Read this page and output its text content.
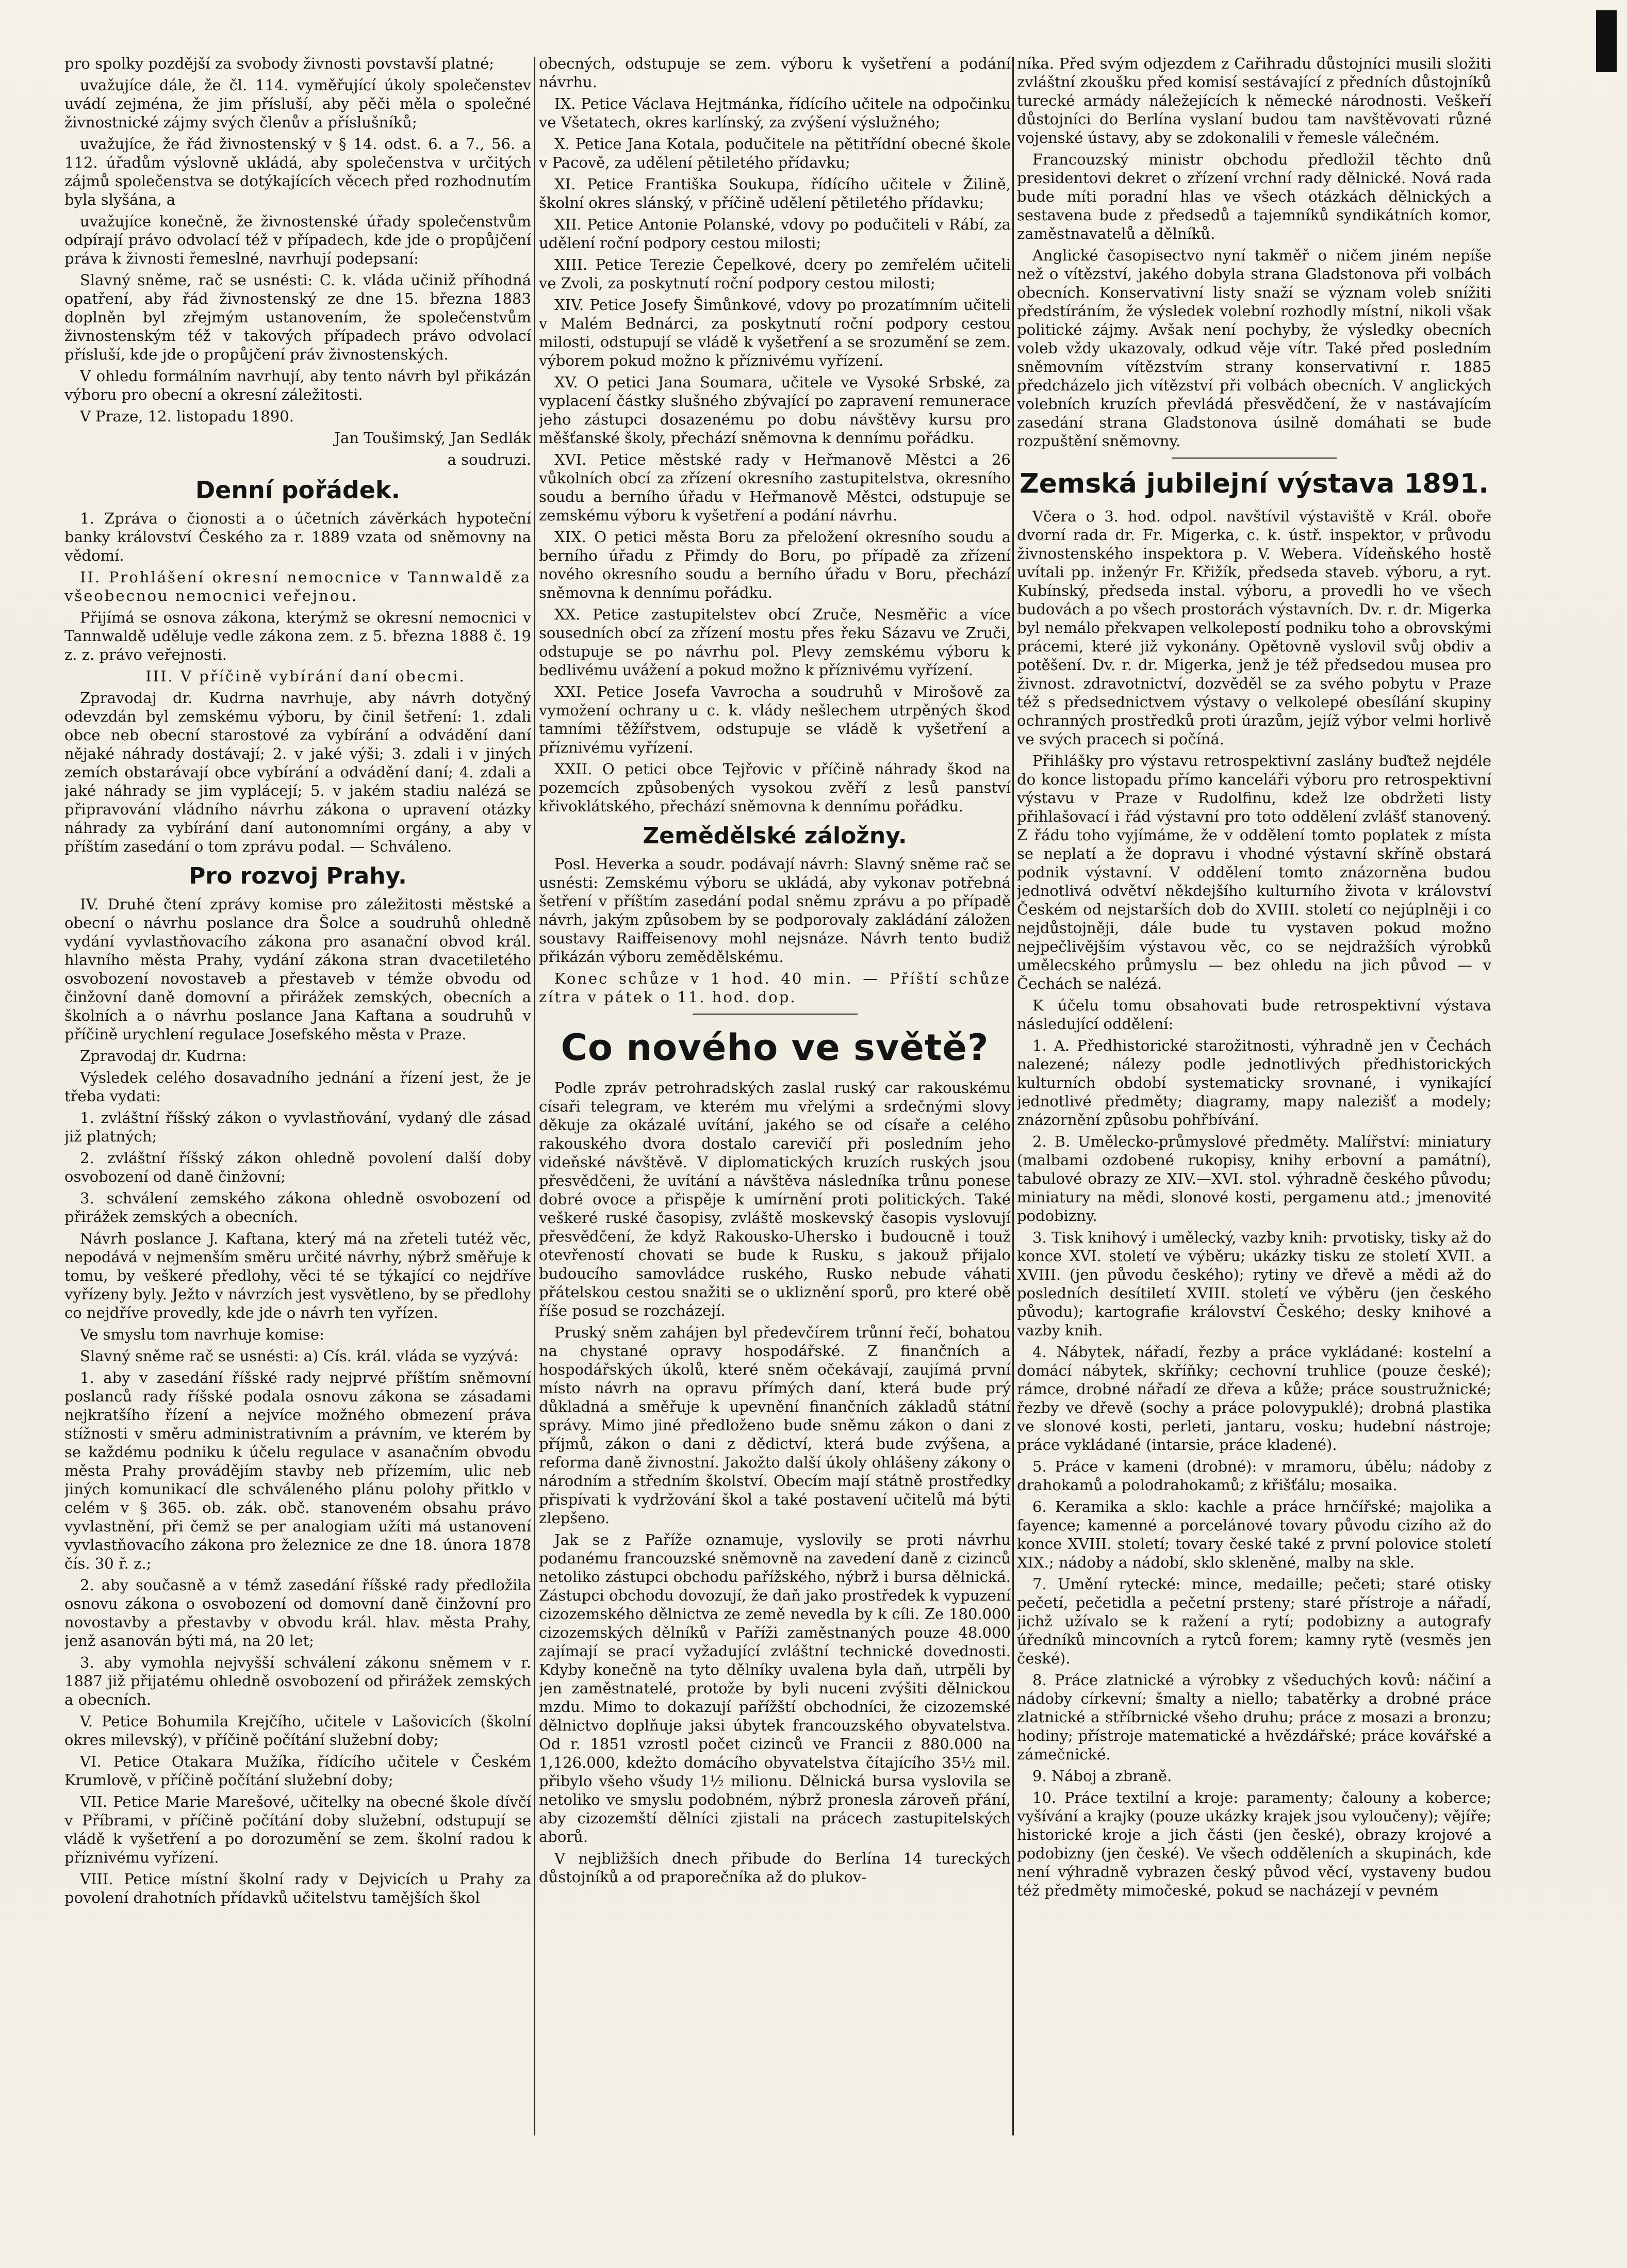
pro spolky pozdější za svobody živnosti povstavší platné;

uvažujíce dále, že čl. 114. vyměřující úkoly společenstev uvádí zejména, že jim přísluší, aby pěči měla o společné živnostnické zájmy svých členův a příslušníků;

uvažujíce, že řád živnostenský v § 14. odst. 6. a 7., 56. a 112. úřadům výslovně ukládá, aby společenstva v určitých zájmů společenstva se dotýkajících věcech před rozhodnutím byla slyšána, a

uvažujíce konečně, že živnostenské úřady společenstvům odpírají právo odvolací též v případech, kde jde o propůjčení práva k živnosti řemeslné, navrhují podepsaní:

Slavný sněme, rač se usnésti: C. k. vláda učiniž příhodná opatření, aby řád živnostenský ze dne 15. března 1883 doplněn byl zřejmým ustanovením, že společenstvům živnostenským též v takových případech právo odvolací přísluší, kde jde o propůjčení práv živnostenských.

V ohledu formálním navrhují, aby tento návrh byl přikázán výboru pro obecní a okresní záležitosti.

V Praze, 12. listopadu 1890.

Jan Toušimský, Jan Sedlák

a soudruzi.

Denní pořádek.

1. Zpráva o čionosti a o účetních závěrkách hypoteční banky království Českého za r. 1889 vzata od sněmovny na vědomí.

II. Prohlášení okresní nemocnice v Tannwaldě za všeobecnou nemocnici veřejnou.

Přijímá se osnova zákona, kterýmž se okresní nemocnici v Tannwaldě uděluje vedle zákona zem. z 5. března 1888 č. 19 z. z. právo veřejnosti.

III. V příčině vybírání daní obecmi.

Zpravodaj dr. Kudrna navrhuje, aby návrh dotyčný odevzdán byl zemskému výboru, by činil šetření: 1. zdali obce neb obecní starostové za vybírání a odvádění daní nějaké náhrady dostávají; 2. v jaké výši; 3. zdali i v jiných zemích obstarávají obce vybírání a odvádění daní; 4. zdali a jaké náhrady se jim vyplácejí; 5. v jakém stadiu nalézá se připravování vládního návrhu zákona o upravení otázky náhrady za vybírání daní autonomními orgány, a aby v příštím zasedání o tom zprávu podal. — Schváleno.

Pro rozvoj Prahy.

IV. Druhé čtení zprávy komise pro záležitosti městské a obecní o návrhu poslance dra Šolce a soudruhů ohledně vydání vyvlastňovacího zákona pro asanační obvod král. hlavního města Prahy, vydání zákona stran dvacetiletého osvobození novostaveb a přestaveb v témže obvodu od činžovní daně domovní a přirážek zemských, obecních a školních a o návrhu poslance Jana Kaftana a soudruhů v příčině urychlení regulace Josefského města v Praze.

Zpravodaj dr. Kudrna:

Výsledek celého dosavadního jednání a řízení jest, že je třeba vydati:

1. zvláštní říšský zákon o vyvlastňování, vydaný dle zásad již platných;

2. zvláštní říšský zákon ohledně povolení další doby osvobození od daně činžovní;

3. schválení zemského zákona ohledně osvobození od přirážek zemských a obecních.

Návrh poslance J. Kaftana, který má na zřeteli tutéž věc, nepodává v nejmenším směru určité návrhy, nýbrž směřuje k tomu, by veškeré předlohy, věci té se týkající co nejdříve vyřízeny byly. Ježto v návrzích jest vysvětleno, by se předlohy co nejdříve provedly, kde jde o návrh ten vyřízen.

Ve smyslu tom navrhuje komise:

Slavný sněme rač se usnésti: a) Cís. král. vláda se vyzývá:

1. aby v zasedání říšské rady nejprvé příštím sněmovní poslanců rady říšské podala osnovu zákona se zásadami nejkratšího řízení a nejvíce možného obmezení práva stížnosti v směru administrativním a právním, ve kterém by se každému podniku k účelu regulace v asanačním obvodu města Prahy provádějím stavby neb přízemím, ulic neb jiných komunikací dle schváleného plánu polohy přitklo v celém v § 365. ob. zák. obč. stanoveném obsahu právo vyvlastnění, při čemž se per analogiam užíti má ustanovení vyvlastňovacího zákona pro železnice ze dne 18. února 1878 čís. 30 ř. z.;

2. aby současně a v témž zasedání říšské rady předložila osnovu zákona o osvobození od domovní daně činžovní pro novostavby a přestavby v obvodu král. hlav. města Prahy, jenž asanován býti má, na 20 let;

3. aby vymohla nejvyšší schválení zákonu sněmem v r. 1887 již přijatému ohledně osvobození od přirážek zemských a obecních.

V. Petice Bohumila Krejčího, učitele v Lašovicích (školní okres milevský), v příčině počítání služební doby;

VI. Petice Otakara Mužíka, řídícího učitele v Českém Krumlově, v příčině počítání služební doby;

VII. Petice Marie Marešové, učitelky na obecné škole dívčí v Příbrami, v příčině počítání doby služební, odstupují se vládě k vyšetření a po dorozumění se zem. školní radou k příznivému vyřízení.

VIII. Petice místní školní rady v Dejvicích u Prahy za povolení drahotních přídavků učitelstvu tamějších škol

obecných, odstupuje se zem. výboru k vyšetření a podání návrhu.

IX. Petice Václava Hejtmánka, řídícího učitele na odpočinku ve Všetatech, okres karlínský, za zvýšení výslužného;

X. Petice Jana Kotala, podučitele na pětitřídní obecné škole v Pacově, za udělení pětiletého přídavku;

XI. Petice Františka Soukupa, řídícího učitele v Žilině, školní okres slánský, v příčině udělení pětiletého přídavku;

XII. Petice Antonie Polanské, vdovy po podučiteli v Rábí, za udělení roční podpory cestou milosti;

XIII. Petice Terezie Čepelkové, dcery po zemřelém učiteli ve Zvoli, za poskytnutí roční podpory cestou milosti;

XIV. Petice Josefy Šimůnkové, vdovy po prozatímním učiteli v Malém Bednárci, za poskytnutí roční podpory cestou milosti, odstupují se vládě k vyšetření a se srozumění se zem. výborem pokud možno k příznivému vyřízení.

XV. O petici Jana Soumara, učitele ve Vysoké Srbské, za vyplacení částky slušného zbývající po zapravení remunerace jeho zástupci dosazenému po dobu návštěvy kursu pro měšťanské školy, přechází sněmovna k dennímu pořádku.

XVI. Petice městské rady v Heřmanově Městci a 26 vůkolních obcí za zřízení okresního zastupitelstva, okresního soudu a berního úřadu v Heřmanově Městci, odstupuje se zemskému výboru k vyšetření a podání návrhu.

XIX. O petici města Boru za přeložení okresního soudu a berního úřadu z Přimdy do Boru, po případě za zřízení nového okresního soudu a berního úřadu v Boru, přechází sněmovna k dennímu pořádku.

XX. Petice zastupitelstev obcí Zruče, Nesměřic a více sousedních obcí za zřízení mostu přes řeku Sázavu ve Zruči, odstupuje se po návrhu pol. Plevy zemskému výboru k bedlivému uvážení a pokud možno k příznivému vyřízení.

XXI. Petice Josefa Vavrocha a soudruhů v Mirošově za vymožení ochrany u c. k. vlády nešlechem utrpěných škod tamními těžířstvem, odstupuje se vládě k vyšetření a příznivému vyřízení.

XXII. O petici obce Tejřovic v příčině náhrady škod na pozemcích způsobených vysokou zvěří z lesů panství křivoklátského, přechází sněmovna k dennímu pořádku.

Zemědělské záložny.

Posl. Heverka a soudr. podávají návrh: Slavný sněme rač se usnésti: Zemskému výboru se ukládá, aby vykonav potřebná šetření v příštím zasedání podal sněmu zprávu a po případě návrh, jakým způsobem by se podporovaly zakládání záložen soustavy Raiffeisenovy mohl nejsnáze. Návrh tento budiž přikázán výboru zemědělskému.

Konec schůze v 1 hod. 40 min. — Příští schůze zítra v pátek o 11. hod. dop.

Co nového ve světě?

Podle zpráv petrohradských zaslal ruský car rakouskému císaři telegram, ve kterém mu vřelými a srdečnými slovy děkuje za okázalé uvítání, jakého se od císaře a celého rakouského dvora dostalo carevičí při posledním jeho videňské návštěvě. V diplomatických kruzích ruských jsou přesvědčeni, že uvítání a návštěva následníka trůnu ponese dobré ovoce a přispěje k umírnění proti politických. Také veškeré ruské časopisy, zvláště moskevský časopis vyslovují přesvědčení, že když Rakousko-Uhersko i budoucně i touž otevřeností chovati se bude k Rusku, s jakouž přijalo budoucího samovládce ruského, Rusko nebude váhati přátelskou cestou snažiti se o ukliznění sporů, pro které obě říše posud se rozcházejí.

Pruský sněm zahájen byl předevčírem trůnní řečí, bohatou na chystané opravy hospodářské. Z finančních a hospodářských úkolů, které sněm očekávají, zaujímá první místo návrh na opravu přímých daní, která bude prý důkladná a směřuje k upevnění finančních základů státní správy. Mimo jiné předloženo bude sněmu zákon o dani z příjmů, zákon o dani z dědictví, která bude zvýšena, a reforma daně živnostní. Jakožto další úkoly ohlášeny zákony o národním a středním školství. Obecím mají státně prostředky přispívati k vydržování škol a také postavení učitelů má býti zlepšeno.

Jak se z Paříže oznamuje, vyslovily se proti návrhu podanému francouzské sněmovně na zavedení daně z cizinců netoliko zástupci obchodu pařížského, nýbrž i bursa dělnická. Zástupci obchodu dovozují, že daň jako prostředek k vypuzení cizozemského dělnictva ze země nevedla by k cíli. Ze 180.000 cizozemských dělníků v Paříži zaměstnaných pouze 48.000 zajímají se prací vyžadující zvláštní technické dovednosti. Kdyby konečně na tyto dělníky uvalena byla daň, utrpěli by jen zaměstnatelé, protože by byli nuceni zvýšiti dělnickou mzdu. Mimo to dokazují pařížští obchodníci, že cizozemské dělnictvo doplňuje jaksi úbytek francouzského obyvatelstva. Od r. 1851 vzrostl počet cizinců ve Francii z 880.000 na 1,126.000, kdežto domácího obyvatelstva čítajícího 35½ mil. přibylo všeho všudy 1½ milionu. Dělnická bursa vyslovila se netoliko ve smyslu podobném, nýbrž pronesla zároveň přání, aby cizozemští dělníci zjistali na prácech zastupitelských aborů.

V nejbližších dnech přibude do Berlína 14 tureckých důstojníků a od praporečníka až do plukov-

níka. Před svým odjezdem z Cařihradu důstojníci musili složiti zvláštní zkoušku před komisí sestávající z předních důstojníků turecké armády náležejících k německé národnosti. Veškeří důstojníci do Berlína vyslaní budou tam navštěvovati různé vojenské ústavy, aby se zdokonalili v řemesle válečném.

Francouzský ministr obchodu předložil těchto dnů presidentovi dekret o zřízení vrchní rady dělnické. Nová rada bude míti poradní hlas ve všech otázkách dělnických a sestavena bude z předsedů a tajemníků syndikátních komor, zaměstnavatelů a dělníků.

Anglické časopisectvo nyní takměř o ničem jiném nepíše než o vítězství, jakého dobyla strana Gladstonova při volbách obecních. Konservativní listy snaží se význam voleb snížiti předstíráním, že výsledek volební rozhodly místní, nikoli však politické zájmy. Avšak není pochyby, že výsledky obecních voleb vždy ukazovaly, odkud věje vítr. Také před posledním sněmovním vítězstvím strany konservativní r. 1885 předcházelo jich vítězství při volbách obecních. V anglických volebních kruzích převládá přesvědčení, že v nastávajícím zasedání strana Gladstonova úsilně domáhati se bude rozpuštění sněmovny.

Zemská jubilejní výstava 1891.

Včera o 3. hod. odpol. navštívil výstaviště v Král. oboře dvorní rada dr. Fr. Migerka, c. k. ústř. inspektor, v průvodu živnostenského inspektora p. V. Webera. Vídeňského hostě uvítali pp. inženýr Fr. Křižík, předseda staveb. výboru, a ryt. Kubínský, předseda instal. výboru, a provedli ho ve všech budovách a po všech prostorách výstavních. Dv. r. dr. Migerka byl nemálo překvapen velkolepostí podniku toho a obrovskými prácemi, které již vykonány. Opětovně vyslovil svůj obdiv a potěšení. Dv. r. dr. Migerka, jenž je též předsedou musea pro živnost. zdravotnictví, dozvěděl se za svého pobytu v Praze též s předsednictvem výstavy o velkolepé obesílání skupiny ochranných prostředků proti úrazům, jejíž výbor velmi horlivě ve svých pracech si počíná.

Přihlášky pro výstavu retrospektivní zaslány buďtež nejdéle do konce listopadu přímo kanceláři výboru pro retrospektivní výstavu v Praze v Rudolfinu, kdež lze obdržeti listy přihlašovací i řád výstavní pro toto oddělení zvlášť stanovený. Z řádu toho vyjímáme, že v oddělení tomto poplatek z místa se neplatí a že dopravu i vhodné výstavní skříně obstará podnik výstavní. V oddělení tomto znázorněna budou jednotlivá odvětví někdejšího kulturního života v království Českém od nejstarších dob do XVIII. století co nejúplněji i co nejdůstojněji, dále bude tu vystaven pokud možno nejpečlivějším výstavou věc, co se nejdražších výrobků umělecského průmyslu — bez ohledu na jich původ — v Čechách se nalézá.

K účelu tomu obsahovati bude retrospektivní výstava následující oddělení:

1. A. Předhistorické starožitnosti, výhradně jen v Čechách nalezené; nálezy podle jednotlivých předhistorických kulturních období systematicky srovnané, i vynikající jednotlivé předměty; diagramy, mapy nalezišť a modely; znázornění způsobu pohřbívání.

2. B. Umělecko-průmyslové předměty. Malířství: miniatury (malbami ozdobené rukopisy, knihy erbovní a památní), tabulové obrazy ze XIV.—XVI. stol. výhradně českého původu; miniatury na mědi, slonové kosti, pergamenu atd.; jmenovité podobizny.

3. Tisk knihový i umělecký, vazby knih: prvotisky, tisky až do konce XVI. století ve výběru; ukázky tisku ze století XVII. a XVIII. (jen původu českého); rytiny ve dřevě a mědi až do posledních desítiletí XVIII. století ve výběru (jen českého původu); kartografie království Českého; desky knihové a vazby knih.

4. Nábytek, nářadí, řezby a práce vykládané: kostelní a domácí nábytek, skříňky; cechovní truhlice (pouze české); rámce, drobné nářadí ze dřeva a kůže; práce soustružnické; řezby ve dřevě (sochy a práce polovypuklé); drobná plastika ve slonové kosti, perleti, jantaru, vosku; hudební nástroje; práce vykládané (intarsie, práce kladené).

5. Práce v kameni (drobné): v mramoru, úbělu; nádoby z drahokamů a polodrahokamů; z křišťálu; mosaika.

6. Keramika a sklo: kachle a práce hrnčířské; majolika a fayence; kamenné a porcelánové tovary původu cizího až do konce XVIII. století; tovary české také z první polovice století XIX.; nádoby a nádobí, sklo skleněné, malby na skle.

7. Umění rytecké: mince, medaille; pečeti; staré otisky pečetí, pečetidla a pečetní prsteny; staré přístroje a nářadí, jichž užívalo se k ražení a rytí; podobizny a autografy úředníků mincovních a rytců forem; kamny rytě (vesměs jen české).

8. Práce zlatnické a výrobky z všeduchých kovů: náčiní a nádoby církevní; šmalty a niello; tabatěrky a drobné práce zlatnické a stříbrnické všeho druhu; práce z mosazi a bronzu; hodiny; přístroje matematické a hvězdářské; práce kovářské a zámečnické.

9. Náboj a zbraně.

10. Práce textilní a kroje: paramenty; čalouny a koberce; vyšívání a krajky (pouze ukázky krajek jsou vyloučeny); vějíře; historické kroje a jich části (jen české), obrazy krojové a podobizny (jen české). Ve všech odděleních a skupinách, kde není výhradně vybrazen český původ věcí, vystaveny budou též předměty mimočeské, pokud se nacházejí v pevném
